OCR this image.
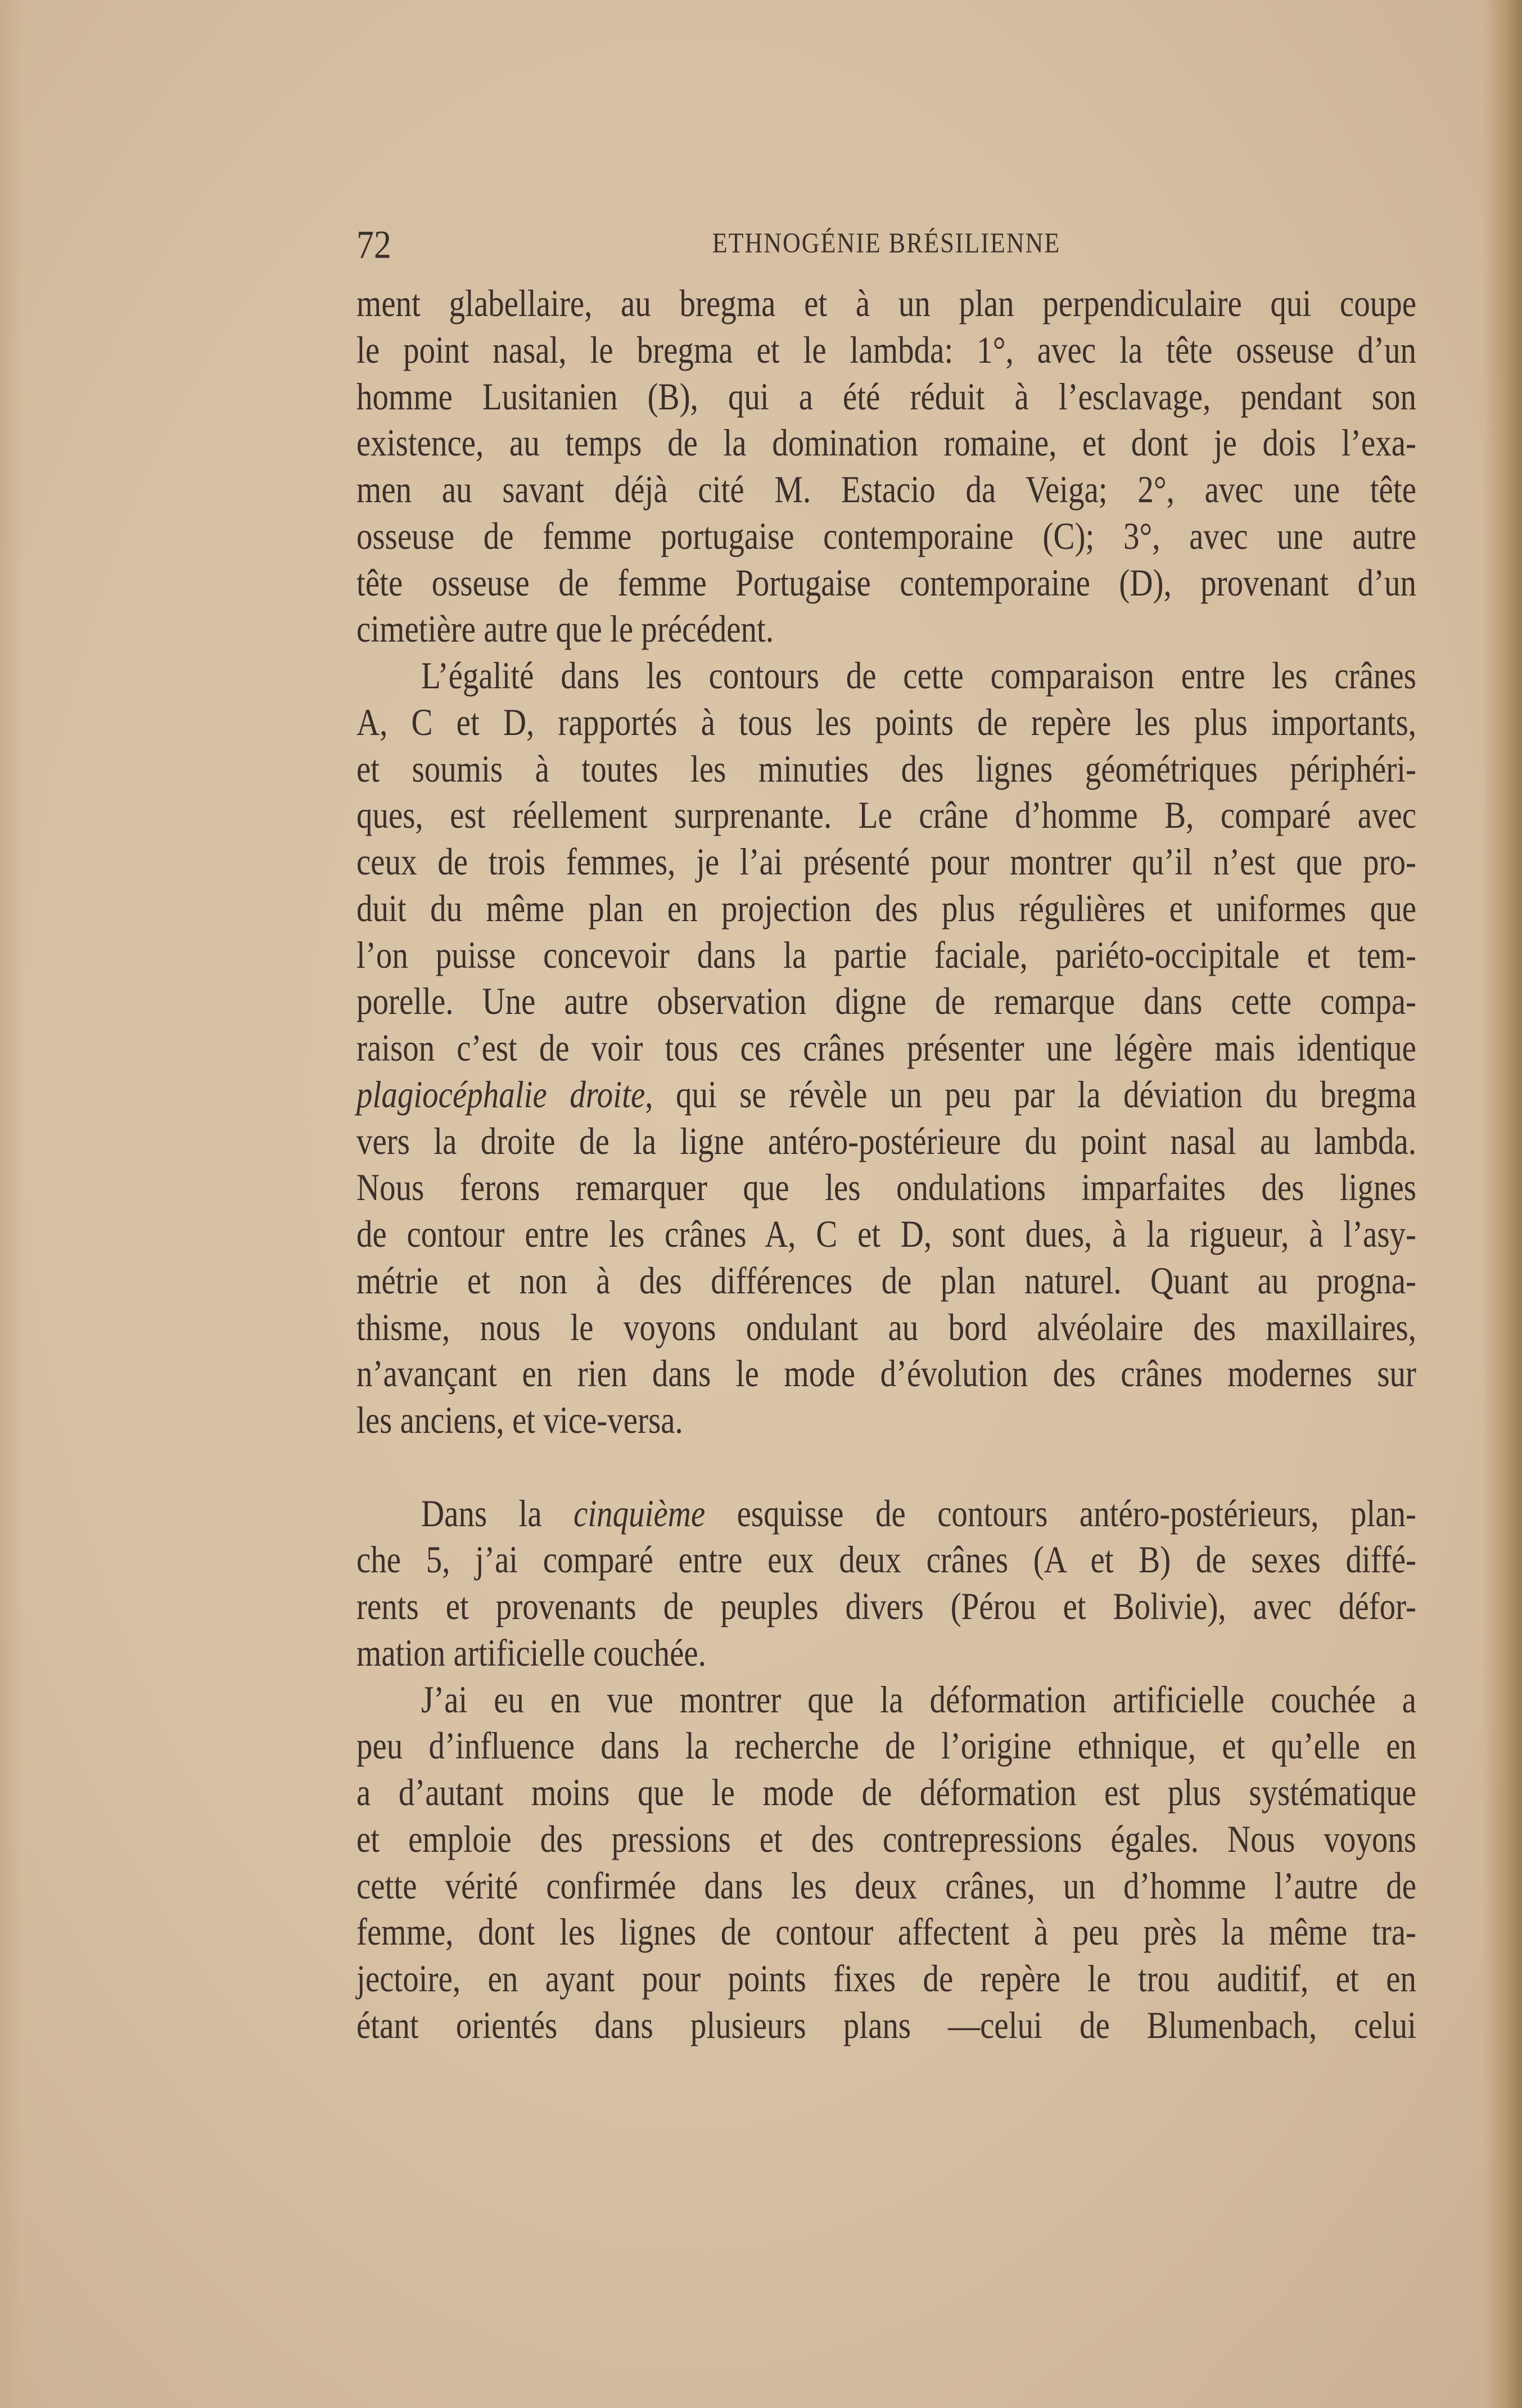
72	ETHNOGÉNIE BRÉSILIENNE
ment glabellaire, au bregma et à un plan perpendiculaire qui coupe
le point nasal, le bregma et le lambda: 1°, avec la tête osseuse d’un
homme Lusitanien (B), qui a été réduit à l’esclavage, pendant son
existence, au temps de la domination romaine, et dont je dois l’exa-
men au savant déjà cité M. Estacio da Veiga; 2°, avec une tête
osseuse de femme portugaise contemporaine (C); 3°, avec une autre
tête osseuse de femme Portugaise contemporaine (D), provenant d’un
cimetière autre que le précédent.
L’égalité dans les contours de cette comparaison entre les crânes
A, C et D, rapportés à tous les points de repère les plus importants,
et soumis à toutes les minuties des lignes géométriques périphéri-
ques, est réellement surprenante. Le crâne d’homme B, comparé avec
ceux de trois femmes, je l’ai présenté pour montrer qu’il n’est que pro-
duit du même plan en projection des plus régulières et uniformes que
l’on puisse concevoir dans la partie faciale, pariéto-occipitale et tem-
porelle. Une autre observation digne de remarque dans cette compa-
raison c’est de voir tous ces crânes présenter une légère mais identique
plagiocéphalie droite, qui se révèle un peu par la déviation du bregma
vers la droite de la ligne antéro-postérieure du point nasal au lambda.
Nous ferons remarquer que les ondulations imparfaites des lignes
de contour entre les crânes A, C et D, sont dues, à la rigueur, à l’asy-
métrie et non à des différences de plan naturel. Quant au progna-
thisme, nous le voyons ondulant au bord alvéolaire des maxillaires,
n’avançant en rien dans le mode d’évolution des crânes modernes sur
les anciens, et vice-versa.
Dans la cinquième esquisse de contours antéro-postérieurs, plan-
che 5, j’ai comparé entre eux deux crânes (A et B) de sexes diffé-
rents et provenants de peuples divers (Pérou et Bolivie), avec défor-
mation artificielle couchée.
J’ai eu en vue montrer que la déformation artificielle couchée a
peu d’influence dans la recherche de l’origine ethnique, et qu’elle en
a d’autant moins que le mode de déformation est plus systématique
et emploie des pressions et des contrepressions égales. Nous voyons
cette vérité confirmée dans les deux crânes, un d’homme l’autre de
femme, dont les lignes de contour affectent à peu près la même tra-
jectoire, en ayant pour points fixes de repère le trou auditif, et en
étant orientés dans plusieurs plans —celui de Blumenbach, celui
